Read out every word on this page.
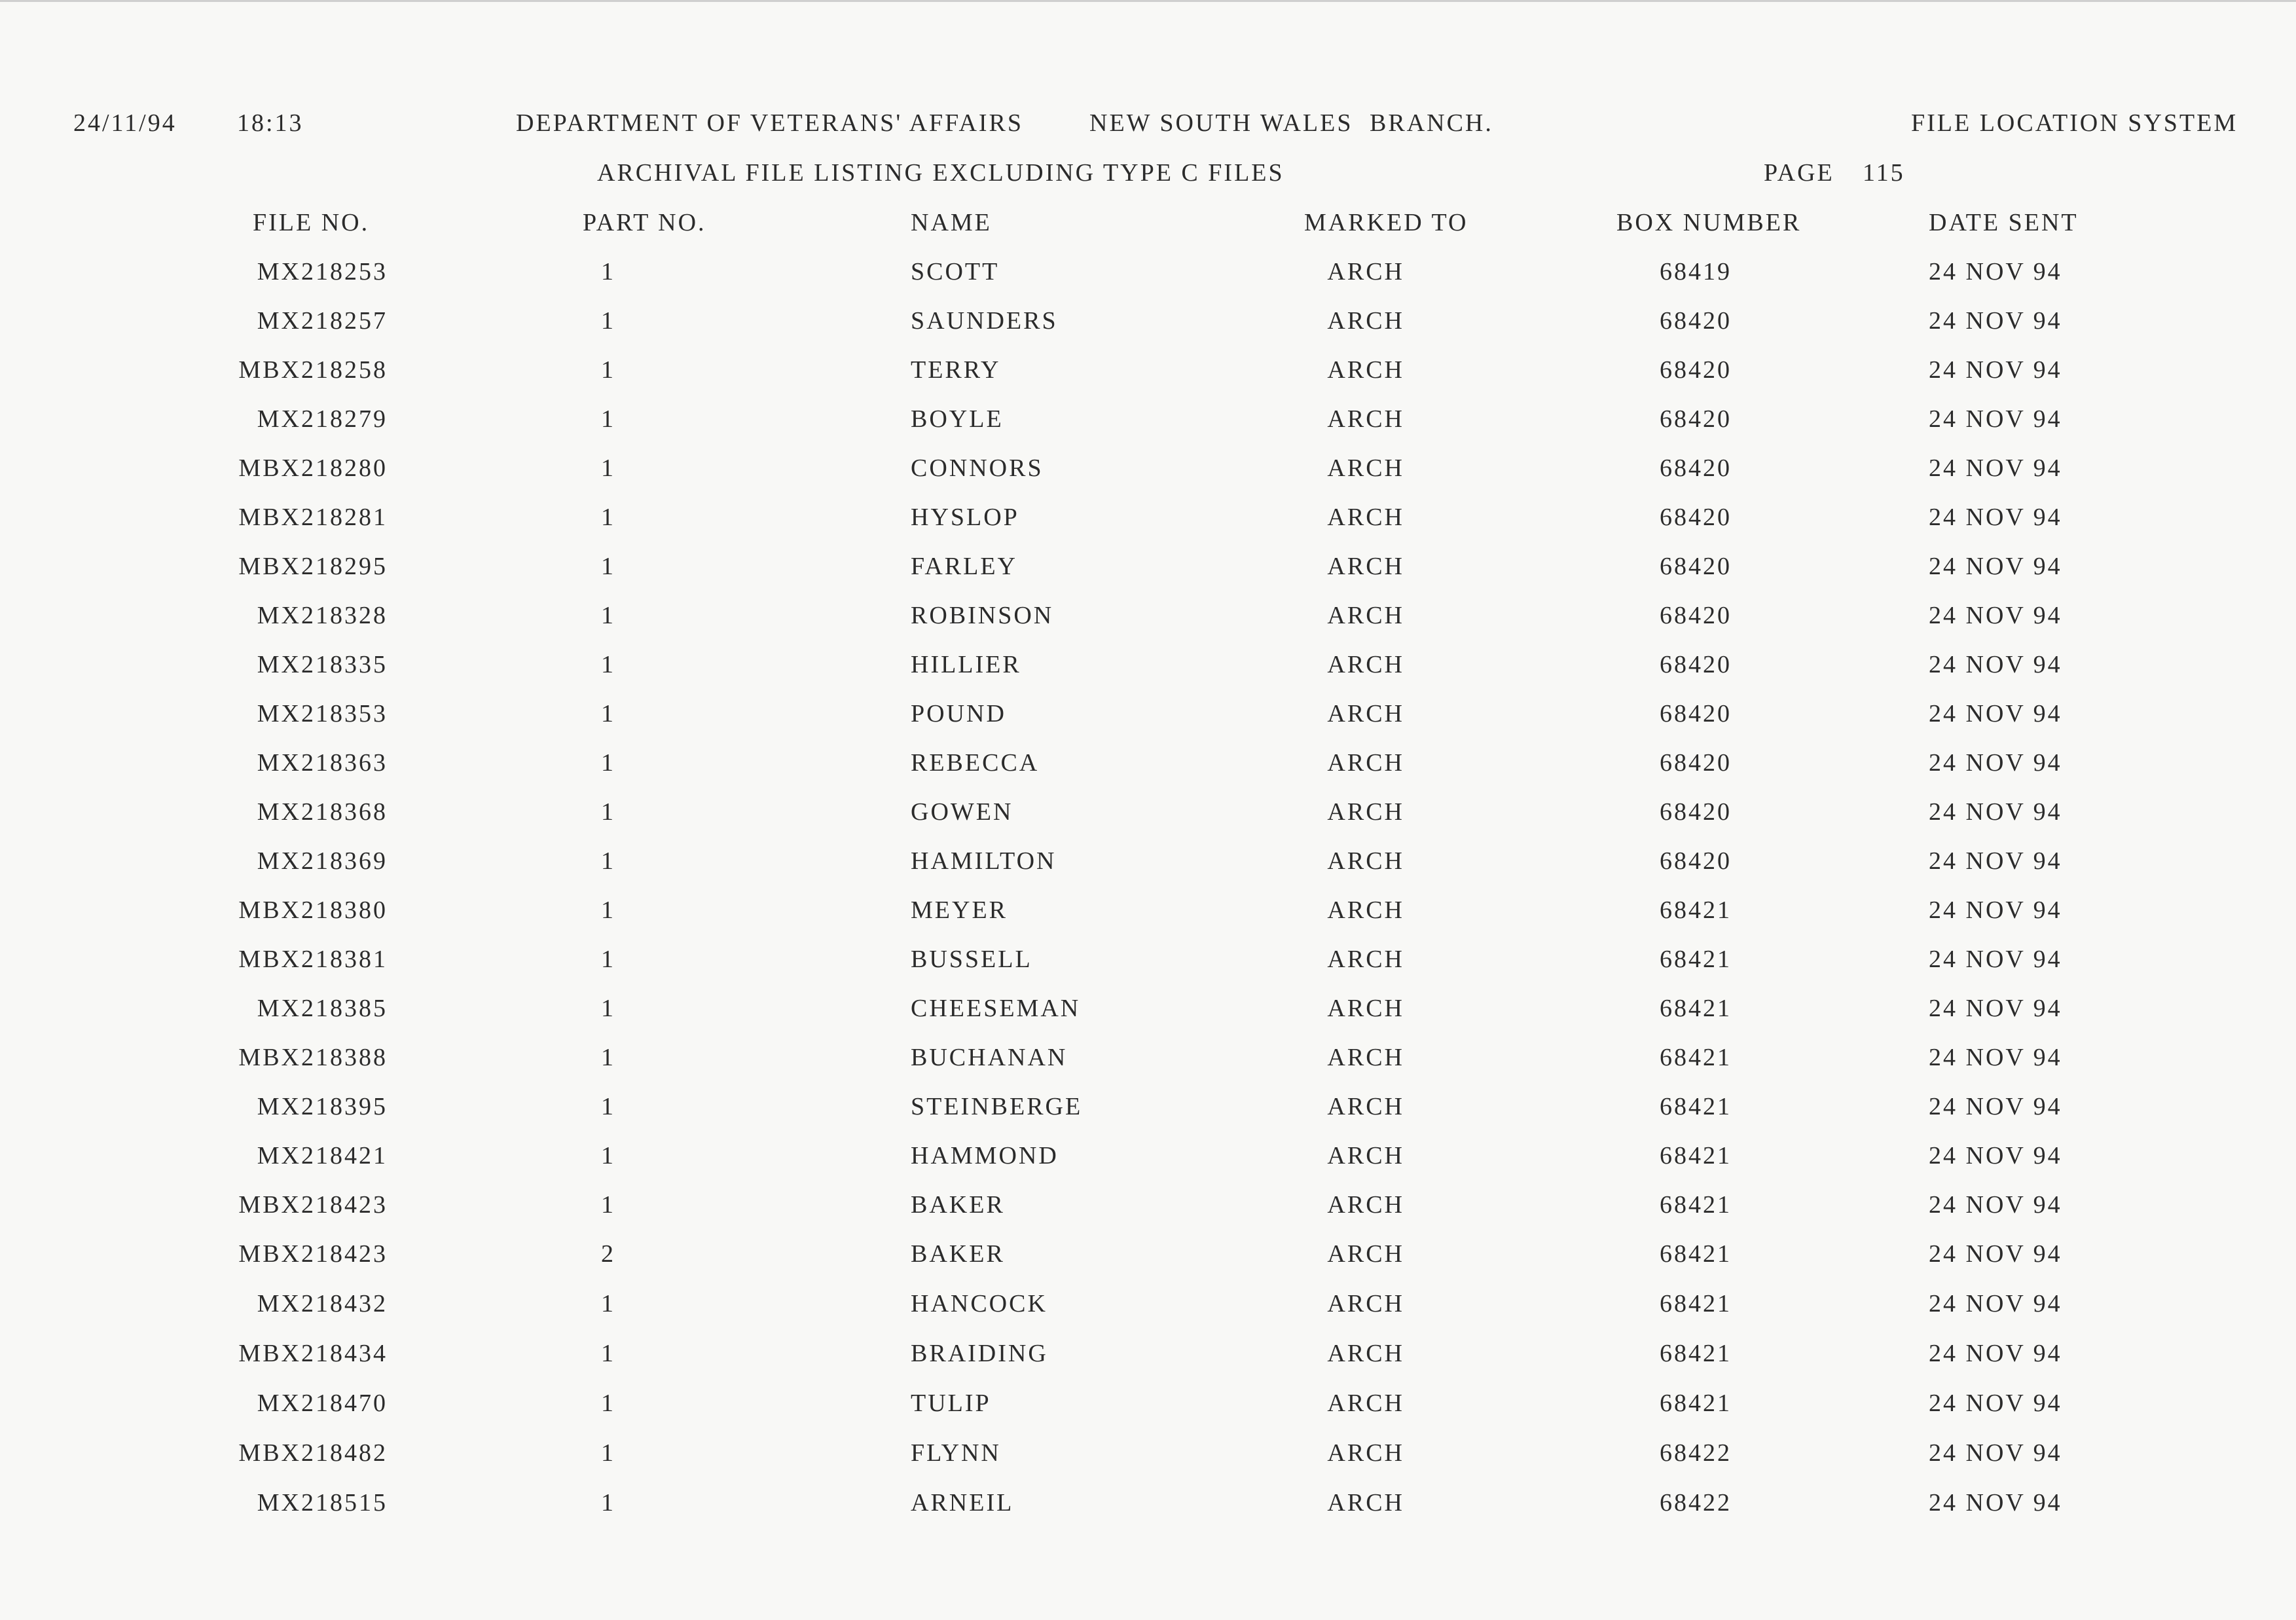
24/11/94 18:13	DEPARTMENT OF VETERANS' AFFAIRS	NEW SOUTH WALES BRANCH.	FILE LOCATION SYSTEM
ARCHIVAL FILE LISTING EXCLUDING TYPE C FILES	PAGE 115
FILE NO.	PART NO.	NAME	MARKED TO	BOX NUMBER	DATE SENT
MX218253	1	SCOTT	ARCH	68419	24 NOV 94
MX218257	1	SAUNDERS	ARCH	68420	24 NOV 94
MBX218258	1	TERRY	ARCH	68420	24 NOV 94
MX218279	1	BOYLE	ARCH	68420	24 NOV 94
MBX218280	1	CONNORS	ARCH	68420	24 NOV 94
MBX218281	1	HYSLOP	ARCH	68420	24 NOV 94
MBX218295	1	FARLEY	ARCH	68420	24 NOV 94
MX218328	1	ROBINSON	ARCH	68420	24 NOV 94
MX218335	1	HILLIER	ARCH	68420	24 NOV 94
MX218353	1	POUND	ARCH	68420	24 NOV 94
MX218363	1	REBECCA	ARCH	68420	24 NOV 94
MX218368	1	GOWEN	ARCH	68420	24 NOV 94
MX218369	1	HAMILTON	ARCH	68420	24 NOV 94
MBX218380	1	MEYER	ARCH	68421	24 NOV 94
MBX218381	1	BUSSELL	ARCH	68421	24 NOV 94
MX218385	1	CHEESEMAN	ARCH	68421	24 NOV 94
MBX218388	1	BUCHANAN	ARCH	68421	24 NOV 94
MX218395	1	STEINBERGE	ARCH	68421	24 NOV 94
MX218421	1	HAMMOND	ARCH	68421	24 NOV 94
MBX218423	1	BAKER	ARCH	68421	24 NOV 94
MBX218423	2	BAKER	ARCH	68421	24 NOV 94
MX218432	1	HANCOCK	ARCH	68421	24 NOV 94
MBX218434	1	BRAIDING	ARCH	68421	24 NOV 94
MX218470	1	TULIP	ARCH	68421	24 NOV 94
MBX218482	1	FLYNN	ARCH	68422	24 NOV 94
MX218515	1	ARNEIL	ARCH	68422	24 NOV 94
